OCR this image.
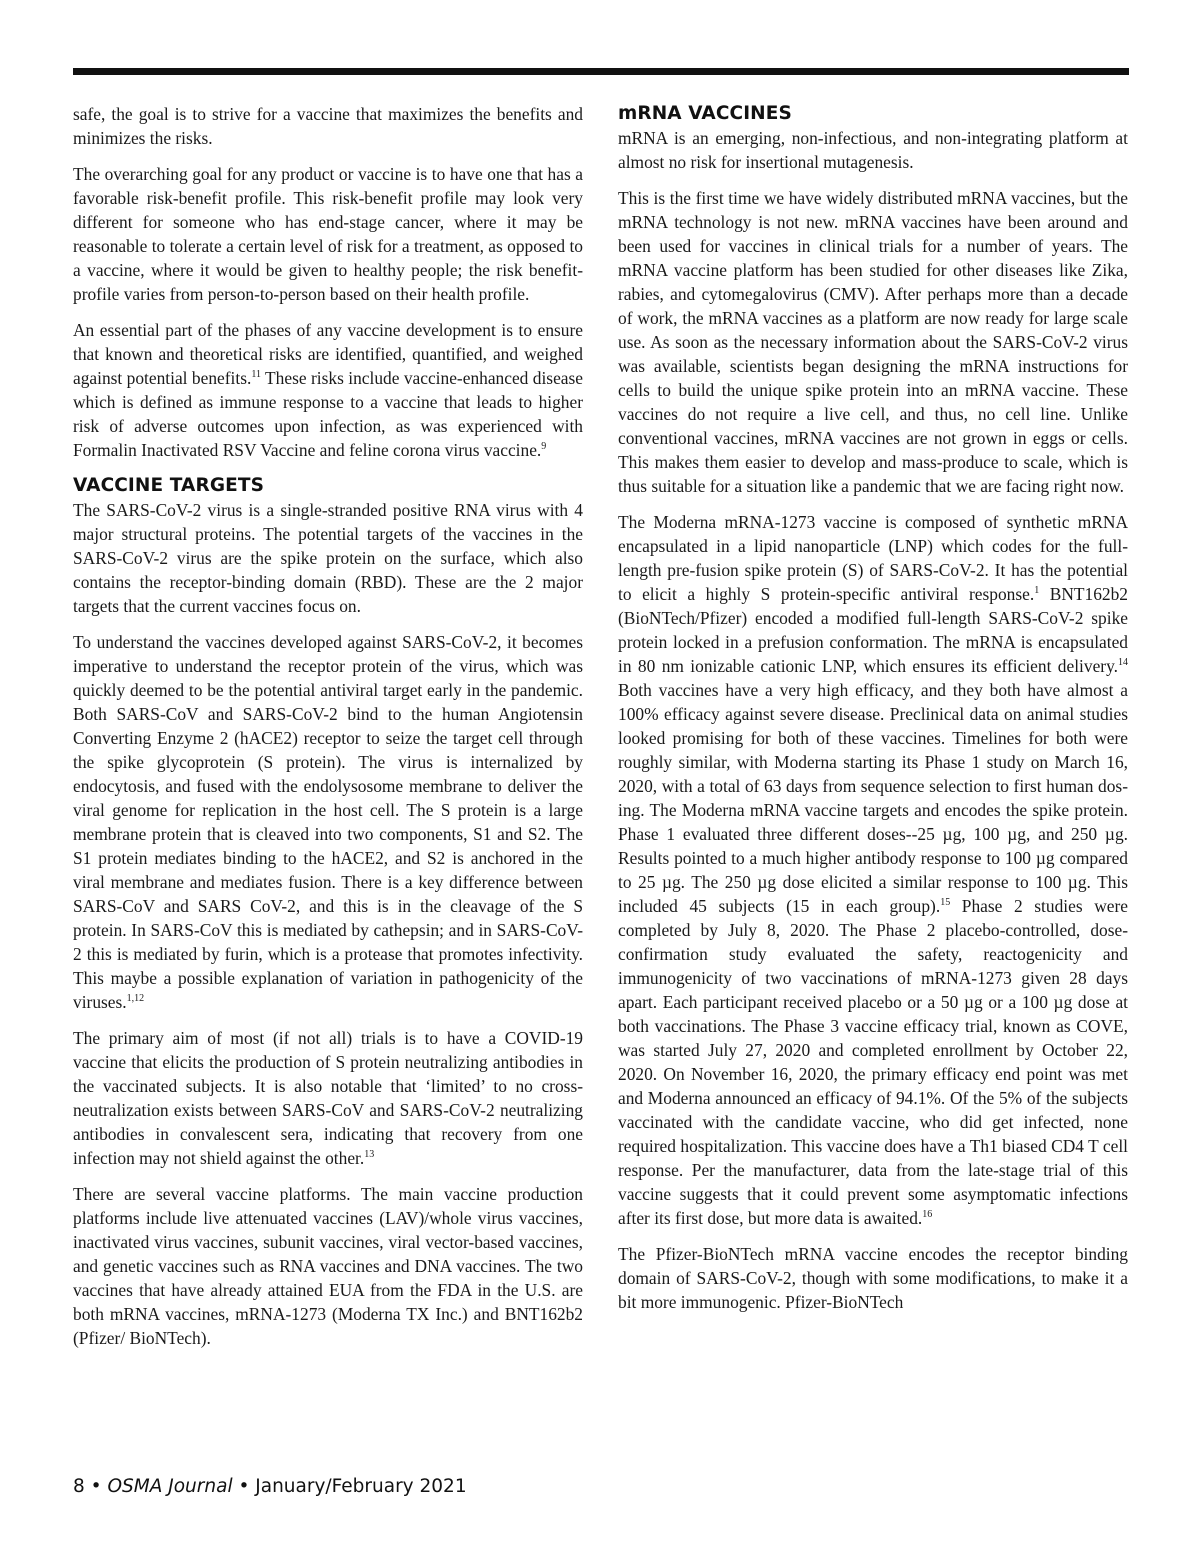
safe, the goal is to strive for a vaccine that maximizes the benefits and minimizes the risks.

The overarching goal for any product or vaccine is to have one that has a favorable risk-benefit profile. This risk-benefit profile may look very different for someone who has end-stage cancer, where it may be reasonable to tolerate a certain level of risk for a treatment, as opposed to a vaccine, where it would be given to healthy people; the risk benefit-profile varies from person-to-person based on their health profile.

An essential part of the phases of any vaccine development is to ensure that known and theoretical risks are identified, quantified, and weighed against potential benefits.$^{11}$ These risks include vaccine-enhanced disease which is defined as immune response to a vaccine that leads to higher risk of adverse outcomes upon infection, as was experienced with Formalin Inactivated RSV Vaccine and feline corona virus vaccine.$^9$

VACCINE TARGETS

The SARS-CoV-2 virus is a single-stranded positive RNA virus with 4 major structural proteins. The potential targets of the vaccines in the SARS-CoV-2 virus are the spike protein on the surface, which also contains the receptor-binding domain (RBD). These are the 2 major targets that the current vaccines focus on.

To understand the vaccines developed against SARS-CoV-2, it becomes imperative to understand the receptor protein of the virus, which was quickly deemed to be the potential antiviral target early in the pandemic. Both SARS-CoV and SARS-CoV-2 bind to the human Angiotensin Converting Enzyme 2 (hACE2) receptor to seize the target cell through the spike glycoprotein (S protein). The virus is internalized by endocytosis, and fused with the endolysosome membrane to deliver the viral genome for replication in the host cell. The S protein is a large membrane protein that is cleaved into two components, S1 and S2. The S1 protein mediates binding to the hACE2, and S2 is anchored in the viral membrane and mediates fusion. There is a key difference between SARS-CoV and SARS CoV-2, and this is in the cleavage of the S protein. In SARS-CoV this is mediated by cathepsin; and in SARS-CoV-2 this is mediated by furin, which is a protease that promotes infectivity. This maybe a possible explanation of variation in pathogenicity of the viruses.$^{1,12}$

The primary aim of most (if not all) trials is to have a COVID-19 vaccine that elicits the production of S protein neutralizing antibodies in the vaccinated subjects. It is also notable that ‘limited’ to no cross-neutralization exists between SARS-CoV and SARS-CoV-2 neutralizing antibodies in convalescent sera, indicating that recovery from one infection may not shield against the other.$^{13}$

There are several vaccine platforms. The main vaccine production platforms include live attenuated vaccines (LAV)/whole virus vaccines, inactivated virus vaccines, subunit vaccines, viral vector-based vaccines, and genetic vaccines such as RNA vaccines and DNA vaccines. The two vaccines that have already attained EUA from the FDA in the U.S. are both mRNA vaccines, mRNA-1273 (Moderna TX Inc.) and BNT162b2 (Pfizer/ BioNTech).

mRNA VACCINES

mRNA is an emerging, non-infectious, and non-integrating platform at almost no risk for insertional mutagenesis.

This is the first time we have widely distributed mRNA vaccines, but the mRNA technology is not new. mRNA vaccines have been around and been used for vaccines in clinical trials for a number of years. The mRNA vaccine platform has been studied for other diseases like Zika, rabies, and cytomegalovirus (CMV). After perhaps more than a decade of work, the mRNA vaccines as a platform are now ready for large scale use. As soon as the necessary information about the SARS-CoV-2 virus was available, scientists began designing the mRNA instructions for cells to build the unique spike protein into an mRNA vaccine. These vaccines do not require a live cell, and thus, no cell line. Unlike conventional vaccines, mRNA vaccines are not grown in eggs or cells. This makes them easier to develop and mass-produce to scale, which is thus suitable for a situation like a pandemic that we are facing right now.

The Moderna mRNA-1273 vaccine is composed of synthetic mRNA encapsulated in a lipid nanoparticle (LNP) which codes for the full-length pre-fusion spike protein (S) of SARS-CoV-2. It has the potential to elicit a highly S protein-specific antiviral response.$^1$ BNT162b2 (BioNTech/Pfizer) encoded a modified full-length SARS-CoV-2 spike protein locked in a prefusion conformation. The mRNA is encapsulated in 80 nm ionizable cationic LNP, which ensures its efficient delivery.$^{14}$ Both vaccines have a very high efficacy, and they both have almost a 100% efficacy against severe disease. Preclinical data on animal studies looked promising for both of these vaccines. Timelines for both were roughly similar, with Moderna starting its Phase 1 study on March 16, 2020, with a total of 63 days from sequence selection to first human dosing. The Moderna mRNA vaccine targets and encodes the spike protein. Phase 1 evaluated three different doses--25 µg, 100 µg, and 250 µg. Results pointed to a much higher antibody response to 100 µg compared to 25 µg. The 250 µg dose elicited a similar response to 100 µg. This included 45 subjects (15 in each group).$^{15}$ Phase 2 studies were completed by July 8, 2020. The Phase 2 placebo-controlled, dose-confirmation study evaluated the safety, reactogenicity and immunogenicity of two vaccinations of mRNA-1273 given 28 days apart. Each participant received placebo or a 50 µg or a 100 µg dose at both vaccinations. The Phase 3 vaccine efficacy trial, known as COVE, was started July 27, 2020 and completed enrollment by October 22, 2020. On November 16, 2020, the primary efficacy end point was met and Moderna announced an efficacy of 94.1%. Of the 5% of the subjects vaccinated with the candidate vaccine, who did get infected, none required hospitalization. This vaccine does have a Th1 biased CD4 T cell response. Per the manufacturer, data from the late-stage trial of this vaccine suggests that it could prevent some asymptomatic infections after its first dose, but more data is awaited.$^{16}$

The Pfizer-BioNTech mRNA vaccine encodes the receptor binding domain of SARS-CoV-2, though with some modifications, to make it a bit more immunogenic. Pfizer-BioNTech

8 • OSMA Journal • January/February 2021
